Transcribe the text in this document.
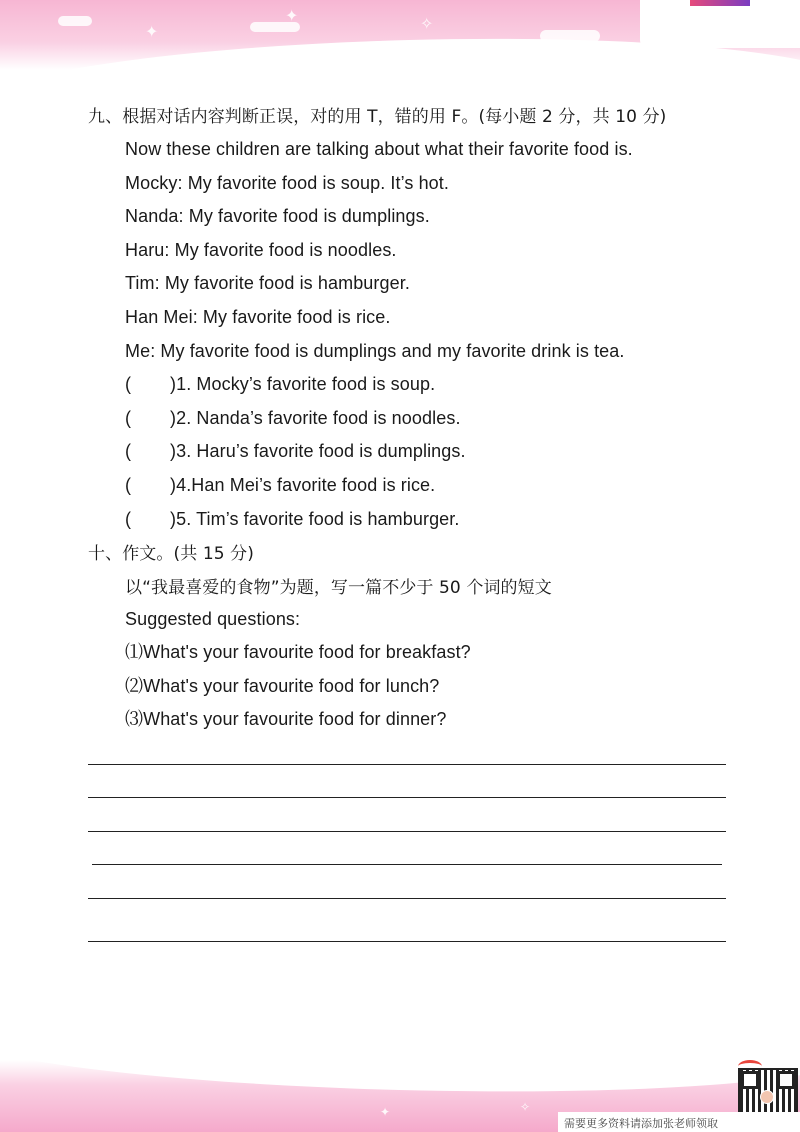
✦
✦	✧
九、根据对话内容判断正误，对的用 T，错的用 F。(每小题 2 分，共 10 分)
Now these children are talking about what their favorite food is.
Mocky: My favorite food is soup. It’s hot.
Nanda: My favorite food is dumplings.
Haru: My favorite food is noodles.
Tim: My favorite food is hamburger.
Han Mei: My favorite food is rice.
Me: My favorite food is dumplings and my favorite drink is tea.
( )1. Mocky’s favorite food is soup.
( )2. Nanda’s favorite food is noodles.
( )3. Haru’s favorite food is dumplings.
( )4.Han Mei’s favorite food is rice.
( )5. Tim’s favorite food is hamburger.
十、作文。(共 15 分)
以“我最喜爱的食物”为题，写一篇不少于 50 个词的短文
Suggested questions:
⑴What's your favourite food for breakfast?
⑵What's your favourite food for lunch?
⑶What's your favourite food for dinner?
✦	✧
需要更多资料请添加张老师领取
